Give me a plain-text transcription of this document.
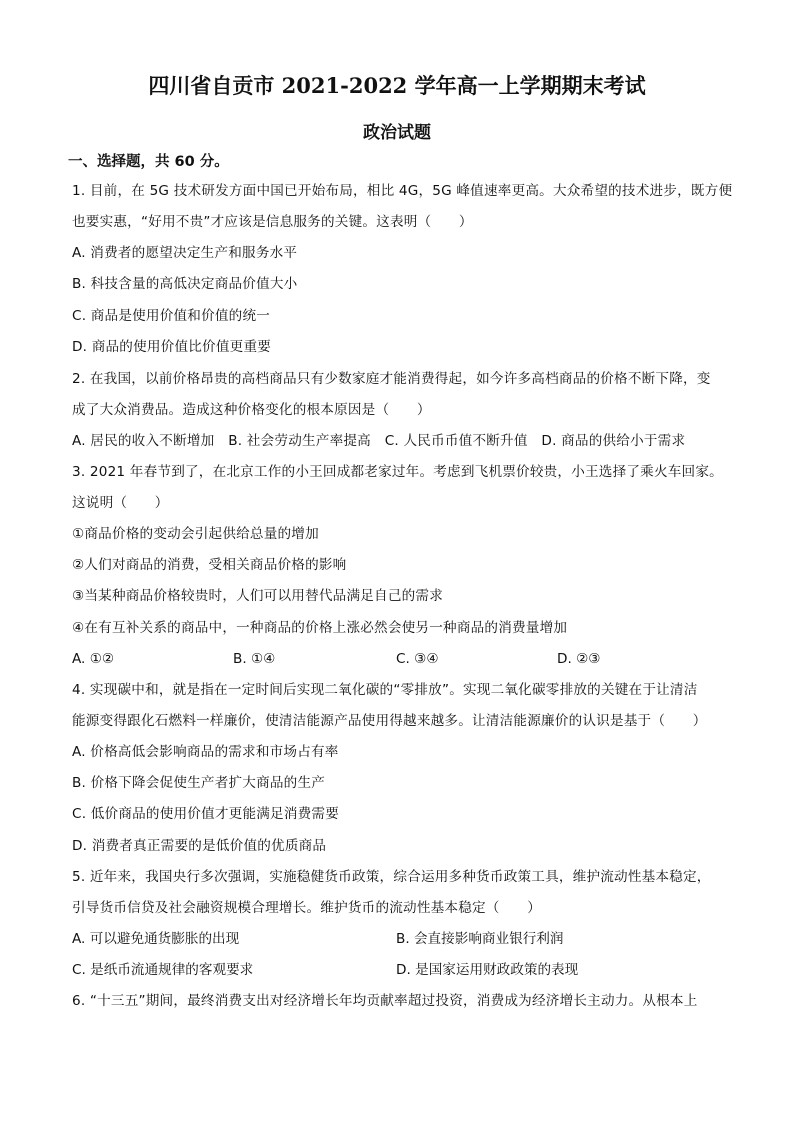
四川省自贡市 2021-2022 学年高一上学期期末考试
政治试题
一、选择题，共 60 分。
1. 目前，在 5G 技术研发方面中国已开始布局，相比 4G，5G 峰值速率更高。大众希望的技术进步，既方便
也要实惠，“好用不贵”才应该是信息服务的关键。这表明（　　）
A. 消费者的愿望决定生产和服务水平
B. 科技含量的高低决定商品价值大小
C. 商品是使用价值和价值的统一
D. 商品的使用价值比价值更重要
2. 在我国，以前价格昂贵的高档商品只有少数家庭才能消费得起，如今许多高档商品的价格不断下降，变
成了大众消费品。造成这种价格变化的根本原因是（　　）
A. 居民的收入不断增加　B. 社会劳动生产率提高　C. 人民币币值不断升值　D. 商品的供给小于需求
3. 2021 年春节到了，在北京工作的小王回成都老家过年。考虑到飞机票价较贵，小王选择了乘火车回家。
这说明（　　）
①商品价格的变动会引起供给总量的增加
②人们对商品的消费，受相关商品价格的影响
③当某种商品价格较贵时，人们可以用替代品满足自己的需求
④在有互补关系的商品中，一种商品的价格上涨必然会使另一种商品的消费量增加
A. ①②	B. ①④	C. ③④	D. ②③
4. 实现碳中和，就是指在一定时间后实现二氧化碳的“零排放”。实现二氧化碳零排放的关键在于让清洁
能源变得跟化石燃料一样廉价，使清洁能源产品使用得越来越多。让清洁能源廉价的认识是基于（　　）
A. 价格高低会影响商品的需求和市场占有率
B. 价格下降会促使生产者扩大商品的生产
C. 低价商品的使用价值才更能满足消费需要
D. 消费者真正需要的是低价值的优质商品
5. 近年来，我国央行多次强调，实施稳健货币政策，综合运用多种货币政策工具，维护流动性基本稳定，
引导货币信贷及社会融资规模合理增长。维护货币的流动性基本稳定（　　）
A. 可以避免通货膨胀的出现	B. 会直接影响商业银行利润
C. 是纸币流通规律的客观要求	D. 是国家运用财政政策的表现
6. “十三五”期间，最终消费支出对经济增长年均贡献率超过投资，消费成为经济增长主动力。从根本上
